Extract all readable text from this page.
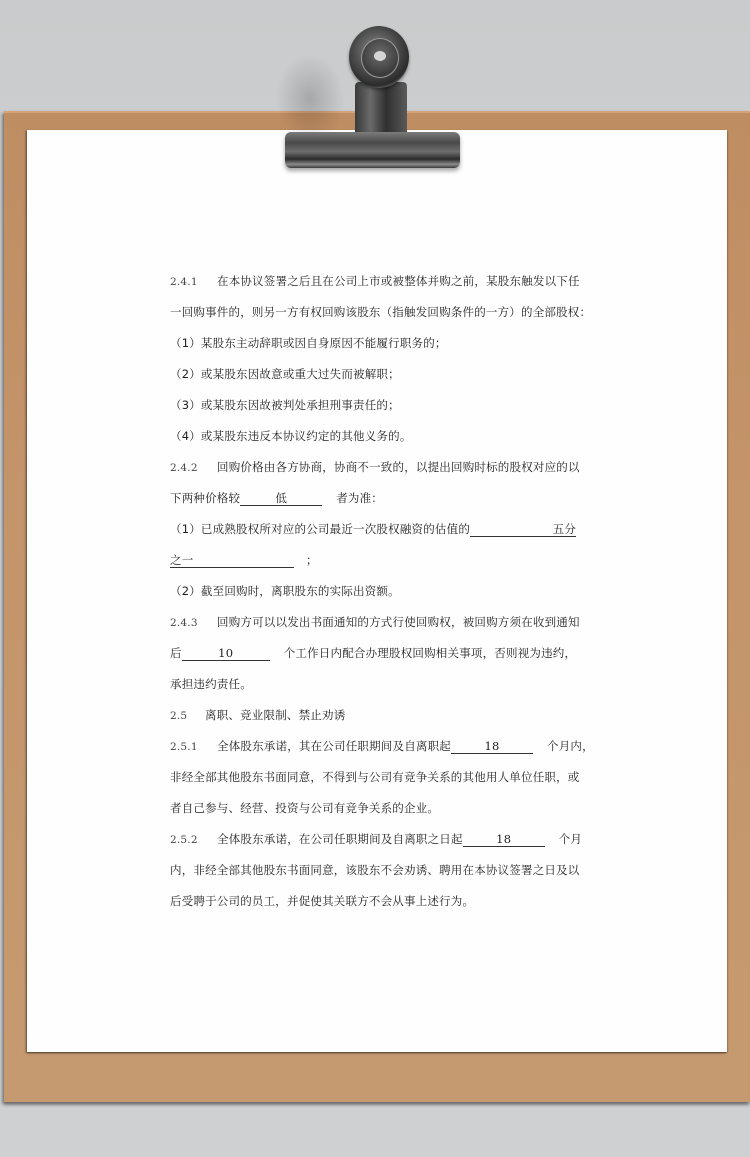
2.4.1 在本协议签署之后且在公司上市或被整体并购之前，某股东触发以下任
一回购事件的，则另一方有权回购该股东（指触发回购条件的一方）的全部股权：
（1）某股东主动辞职或因自身原因不能履行职务的；
（2）或某股东因故意或重大过失而被解职；
（3）或某股东因故被判处承担刑事责任的；
（4）或某股东违反本协议约定的其他义务的。
2.4.2 回购价格由各方协商，协商不一致的，以提出回购时标的股权对应的以
下两种价格较	低	者为准：
（1）已成熟股权所对应的公司最近一次股权融资的估值的	五分
之一	；
（2）截至回购时，离职股东的实际出资额。
2.4.3 回购方可以以发出书面通知的方式行使回购权，被回购方须在收到通知
后	10	个工作日内配合办理股权回购相关事项，否则视为违约，
承担违约责任。
2.5 离职、竞业限制、禁止劝诱
2.5.1 全体股东承诺，其在公司任职期间及自离职起	18	个月内，
非经全部其他股东书面同意，不得到与公司有竞争关系的其他用人单位任职，或
者自己参与、经营、投资与公司有竞争关系的企业。
2.5.2 全体股东承诺，在公司任职期间及自离职之日起	18	个月
内，非经全部其他股东书面同意，该股东不会劝诱、聘用在本协议签署之日及以
后受聘于公司的员工，并促使其关联方不会从事上述行为。
